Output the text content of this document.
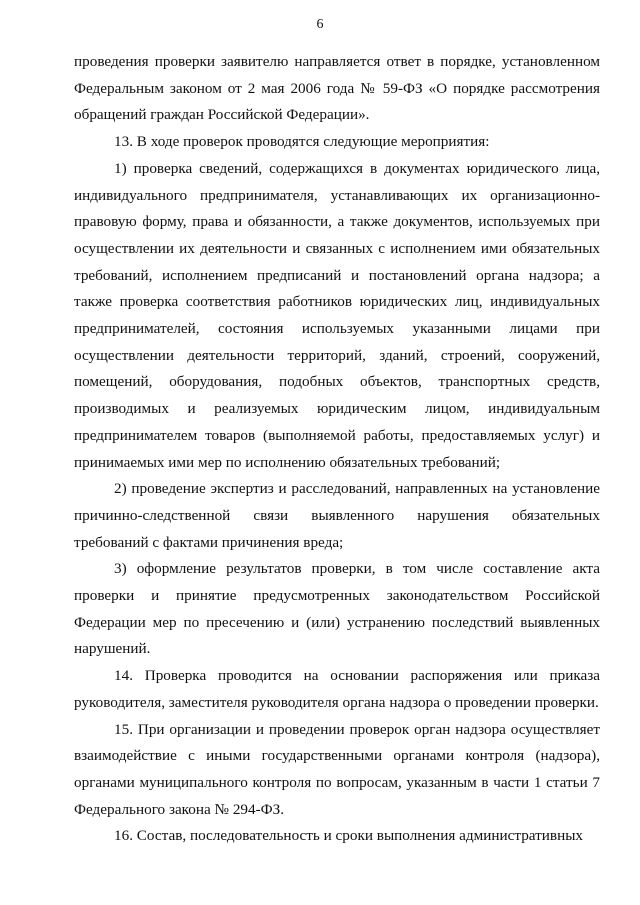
6

проведения проверки заявителю направляется ответ в порядке, установленном Федеральным законом от 2 мая 2006 года № 59-ФЗ «О порядке рассмотрения обращений граждан Российской Федерации».

13. В ходе проверок проводятся следующие мероприятия:

1) проверка сведений, содержащихся в документах юридического лица, индивидуального предпринимателя, устанавливающих их организационно-правовую форму, права и обязанности, а также документов, используемых при осуществлении их деятельности и связанных с исполнением ими обязательных требований, исполнением предписаний и постановлений органа надзора; а также проверка соответствия работников юридических лиц, индивидуальных предпринимателей, состояния используемых указанными лицами при осуществлении деятельности территорий, зданий, строений, сооружений, помещений, оборудования, подобных объектов, транспортных средств, производимых и реализуемых юридическим лицом, индивидуальным предпринимателем товаров (выполняемой работы, предоставляемых услуг) и принимаемых ими мер по исполнению обязательных требований;

2) проведение экспертиз и расследований, направленных на установление причинно-следственной связи выявленного нарушения обязательных требований с фактами причинения вреда;

3) оформление результатов проверки, в том числе составление акта проверки и принятие предусмотренных законодательством Российской Федерации мер по пресечению и (или) устранению последствий выявленных нарушений.

14. Проверка проводится на основании распоряжения или приказа руководителя, заместителя руководителя органа надзора о проведении проверки.

15. При организации и проведении проверок орган надзора осуществляет взаимодействие с иными государственными органами контроля (надзора), органами муниципального контроля по вопросам, указанным в части 1 статьи 7 Федерального закона № 294-ФЗ.

16. Состав, последовательность и сроки выполнения административных
